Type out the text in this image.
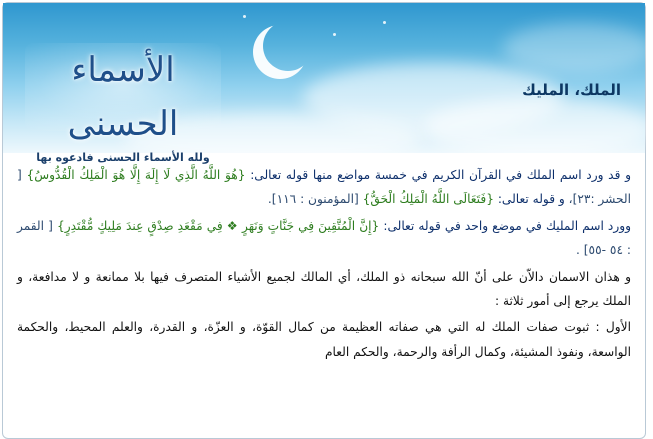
الأسماء الحسنى
ولله الأسماء الحسنى فادعوه بها
الملك، المليك

و قد ورد اسم الملك في القرآن الكريم في خمسة مواضع منها قوله تعالى: {هُوَ اللَّهُ الَّذِي لَا إِلَهَ إِلَّا هُوَ الْمَلِكُ الْقُدُّوسُ} [ الحشر :٢٣]، و قوله تعالى: {فَتَعَالَى اللَّهُ الْمَلِكُ الْحَقُّ} [المؤمنون : ١١٦].

وورد اسم المليك في موضع واحد في قوله تعالى: {إِنَّ الْمُتَّقِينَ فِي جَنَّاتٍ وَنَهَرٍ ❖ فِي مَقْعَدِ صِدْقٍ عِندَ مَلِيكٍ مُّقْتَدِرٍ} [ القمر : ٥٤ -٥٥] .

و هذان الاسمان دالاّن على أنّ الله سبحانه ذو الملك، أي المالك لجميع الأشياء المتصرف فيها بلا ممانعة و لا مدافعة، و الملك يرجع إلى أمور ثلاثة :

الأول : ثبوت صفات الملك له التي هي صفاته العظيمة من كمال القوّة، و العزّة، و القدرة، والعلم المحيط، والحكمة الواسعة، ونفوذ المشيئة، وكمال الرأفة والرحمة، والحكم العام
